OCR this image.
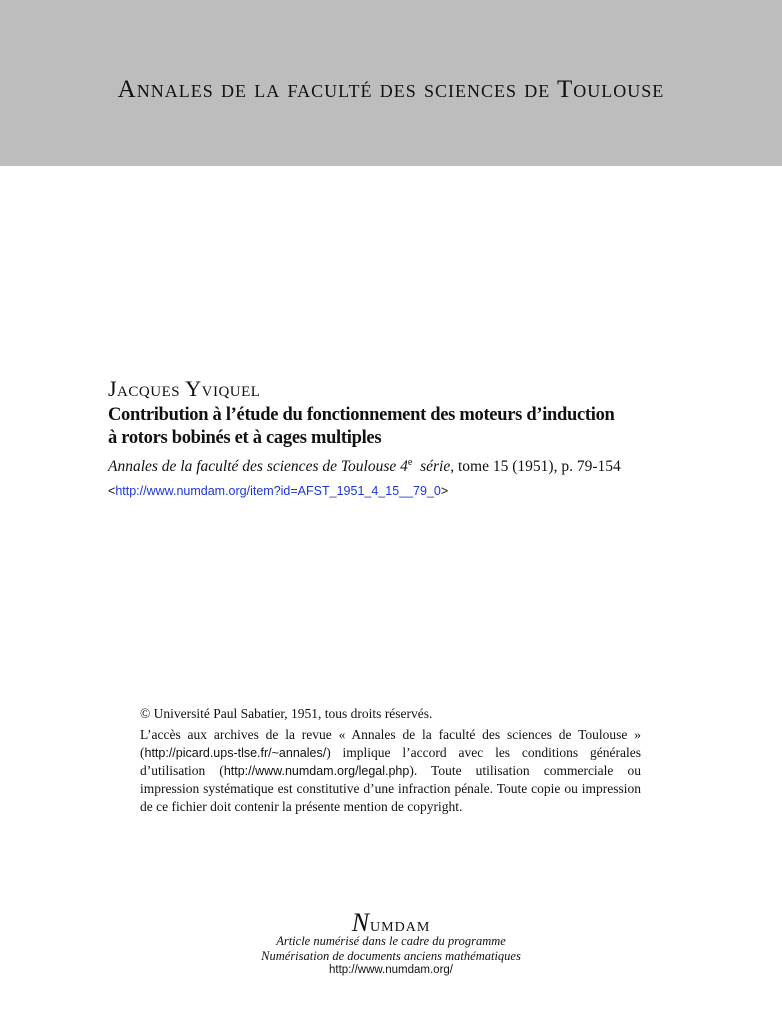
Annales de la faculté des sciences de Toulouse
Jacques Yviquel
Contribution à l’étude du fonctionnement des moteurs d’induction
à rotors bobinés et à cages multiples
Annales de la faculté des sciences de Toulouse 4e série, tome 15 (1951), p. 79-154
<http://www.numdam.org/item?id=AFST_1951_4_15__79_0>
© Université Paul Sabatier, 1951, tous droits réservés.
L’accès aux archives de la revue « Annales de la faculté des sciences de Toulouse » (http://picard.ups-tlse.fr/~annales/) implique l’accord avec les conditions générales d’utilisation (http://www.numdam.org/legal.php). Toute utilisation commerciale ou impression systématique est constitutive d’une infraction pénale. Toute copie ou impression de ce fichier doit contenir la présente mention de copyright.
Numdam
Article numérisé dans le cadre du programme
Numérisation de documents anciens mathématiques
http://www.numdam.org/
